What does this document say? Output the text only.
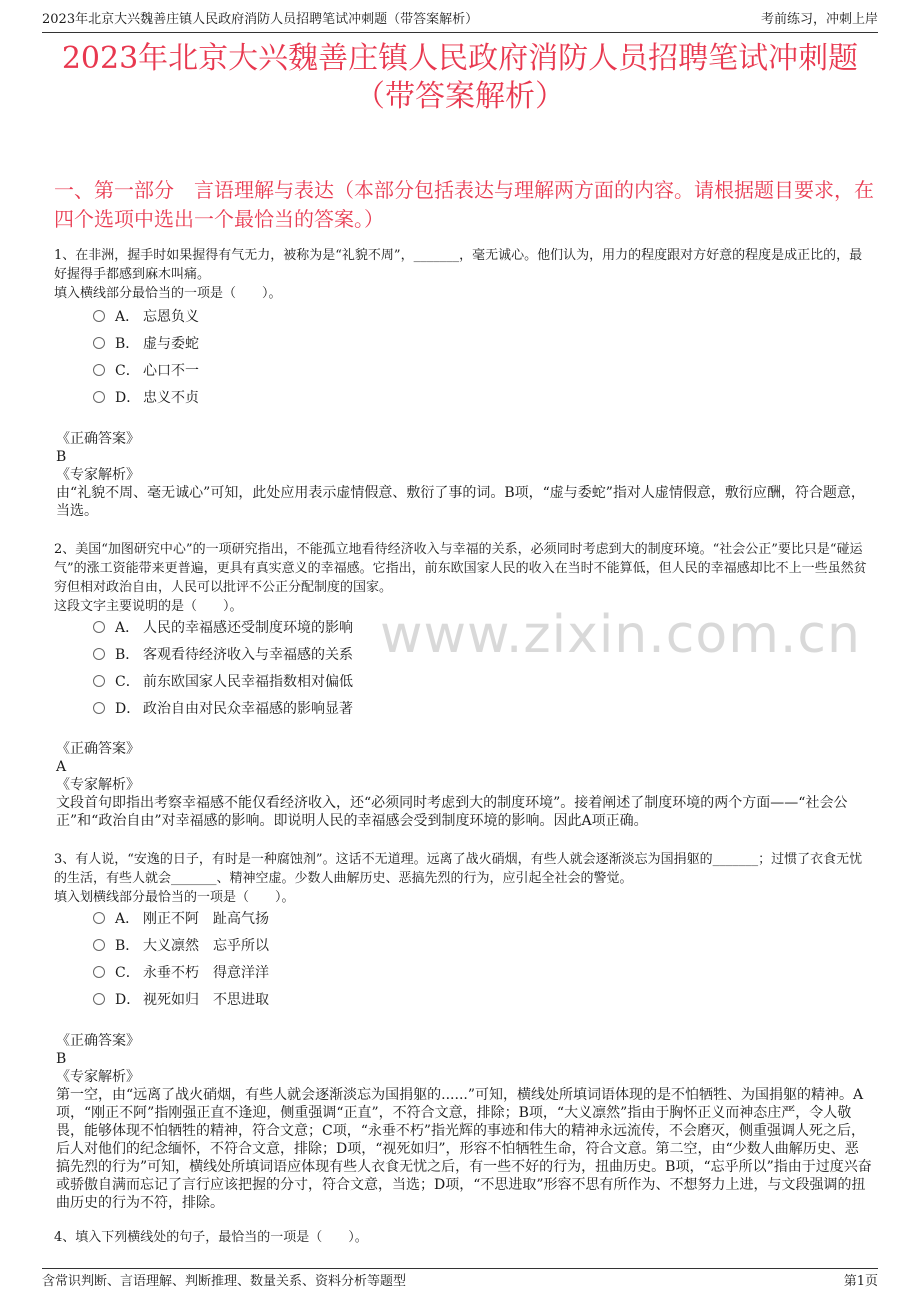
2023年北京大兴魏善庄镇人民政府消防人员招聘笔试冲刺题（带答案解析）	考前练习，冲刺上岸
2023年北京大兴魏善庄镇人民政府消防人员招聘笔试冲刺题
（带答案解析）
一、第一部分　言语理解与表达（本部分包括表达与理解两方面的内容。请根据题目要求，在四个选项中选出一个最恰当的答案。）
www.zixin.com.cn
1、在非洲，握手时如果握得有气无力，被称为是“礼貌不周”，_______，毫无诚心。他们认为，用力的程度跟对方好意的程度是成正比的，最好握得手都感到麻木叫痛。
填入横线部分最恰当的一项是（　　）。
A． 忘恩负义
B． 虚与委蛇
C． 心口不一
D． 忠义不贞
《正确答案》
B
《专家解析》
由“礼貌不周、毫无诚心”可知，此处应用表示虚情假意、敷衍了事的词。B项，“虚与委蛇”指对人虚情假意，敷衍应酬，符合题意，当选。
2、美国“加图研究中心”的一项研究指出，不能孤立地看待经济收入与幸福的关系，必须同时考虑到大的制度环境。“社会公正”要比只是“碰运气”的涨工资能带来更普遍，更具有真实意义的幸福感。它指出，前东欧国家人民的收入在当时不能算低，但人民的幸福感却比不上一些虽然贫穷但相对政治自由，人民可以批评不公正分配制度的国家。
这段文字主要说明的是（　　）。
A． 人民的幸福感还受制度环境的影响
B． 客观看待经济收入与幸福感的关系
C． 前东欧国家人民幸福指数相对偏低
D． 政治自由对民众幸福感的影响显著
《正确答案》
A
《专家解析》
文段首句即指出考察幸福感不能仅看经济收入，还“必须同时考虑到大的制度环境”。接着阐述了制度环境的两个方面——“社会公正”和“政治自由”对幸福感的影响。即说明人民的幸福感会受到制度环境的影响。因此A项正确。
3、有人说，“安逸的日子，有时是一种腐蚀剂”。这话不无道理。远离了战火硝烟，有些人就会逐渐淡忘为国捐躯的_______；过惯了衣食无忧的生活，有些人就会_______、精神空虚。少数人曲解历史、恶搞先烈的行为，应引起全社会的警觉。
填入划横线部分最恰当的一项是（　　）。
A． 刚正不阿　趾高气扬
B． 大义凛然　忘乎所以
C． 永垂不朽　得意洋洋
D． 视死如归　不思进取
《正确答案》
B
《专家解析》
第一空，由“远离了战火硝烟，有些人就会逐渐淡忘为国捐躯的......”可知，横线处所填词语体现的是不怕牺牲、为国捐躯的精神。A项，“刚正不阿”指刚强正直不逢迎，侧重强调“正直”，不符合文意，排除；B项，“大义凛然”指由于胸怀正义而神态庄严，令人敬畏，能够体现不怕牺牲的精神，符合文意；C项，“永垂不朽”指光辉的事迹和伟大的精神永远流传，不会磨灭，侧重强调人死之后，后人对他们的纪念缅怀，不符合文意，排除；D项，“视死如归”，形容不怕牺牲生命，符合文意。第二空，由“少数人曲解历史、恶搞先烈的行为”可知，横线处所填词语应体现有些人衣食无忧之后，有一些不好的行为，扭曲历史。B项，“忘乎所以”指由于过度兴奋或骄傲自满而忘记了言行应该把握的分寸，符合文意，当选；D项，“不思进取”形容不思有所作为、不想努力上进，与文段强调的扭曲历史的行为不符，排除。
4、填入下列横线处的句子，最恰当的一项是（　　）。
含常识判断、言语理解、判断推理、数量关系、资料分析等题型	第1页
